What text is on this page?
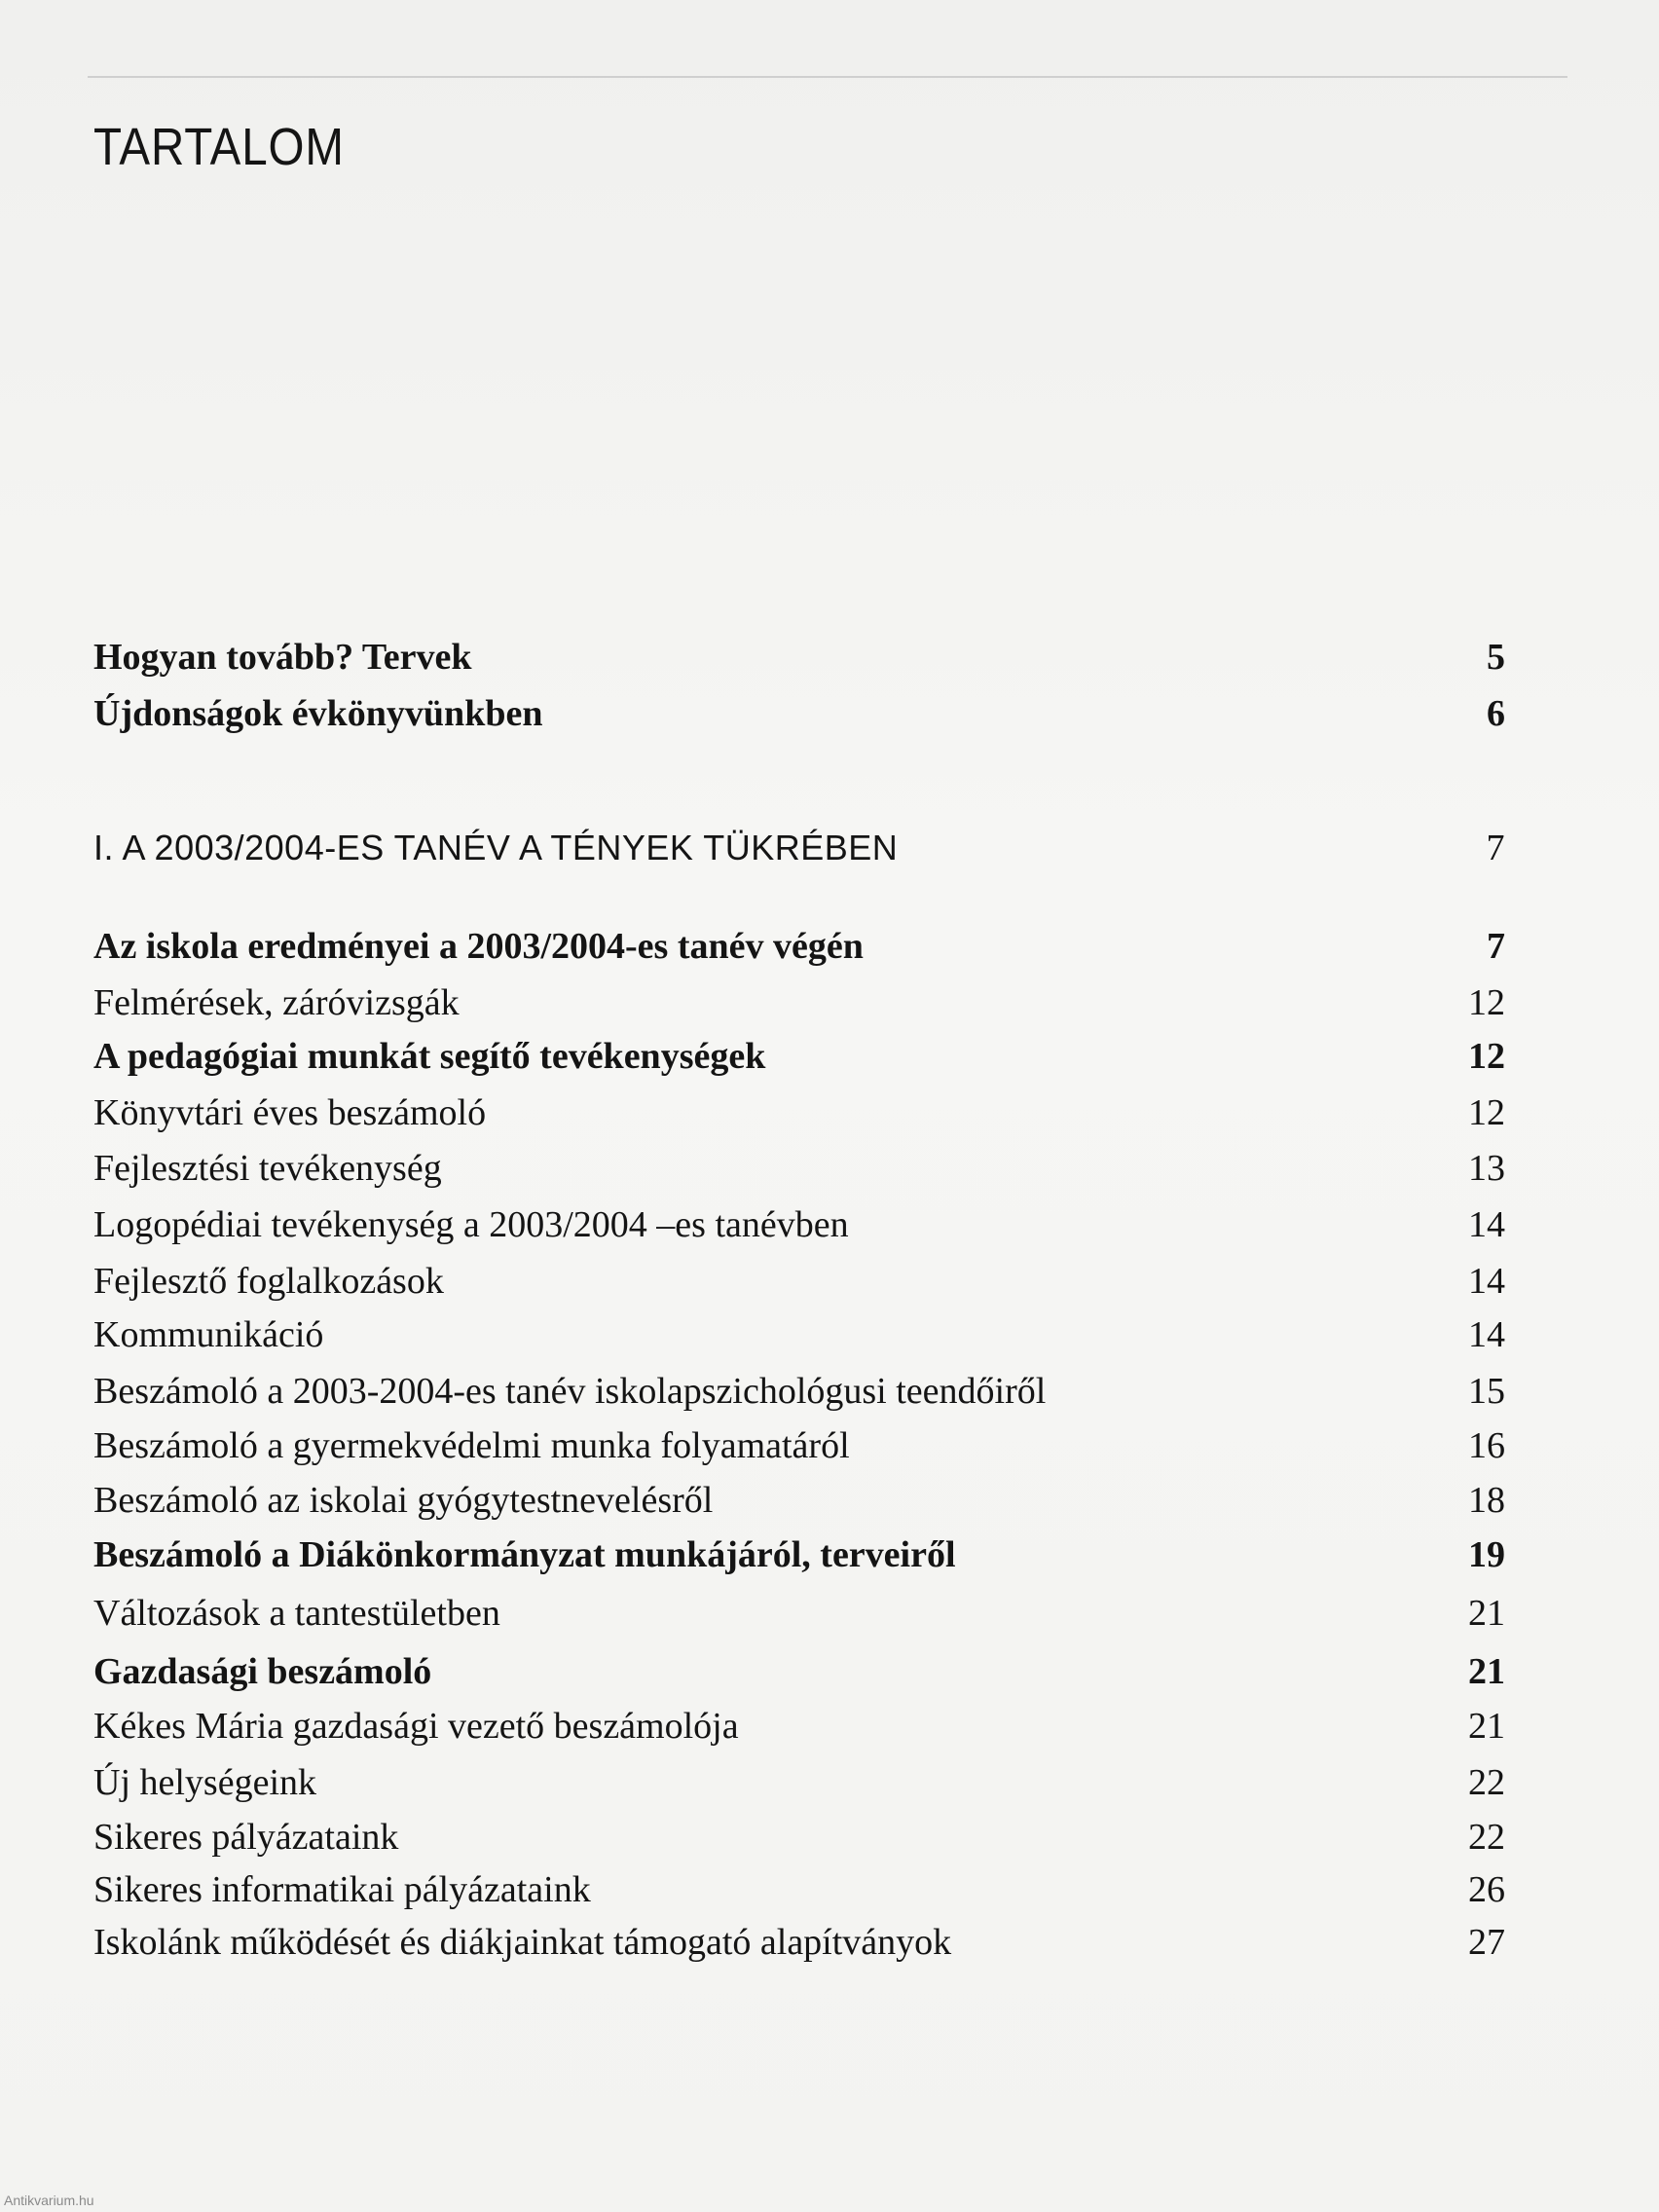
TARTALOM
Hogyan tovább? Tervek	5
Újdonságok évkönyvünkben	6
I. A 2003/2004-ES TANÉV A TÉNYEK TÜKRÉBEN	7
Az iskola eredményei a 2003/2004-es tanév végén	7
Felmérések, záróvizsgák	12
A pedagógiai munkát segítő tevékenységek	12
Könyvtári éves beszámoló	12
Fejlesztési tevékenység	13
Logopédiai tevékenység a 2003/2004 –es tanévben	14
Fejlesztő foglalkozások	14
Kommunikáció	14
Beszámoló a 2003-2004-es tanév iskolapszichológusi teendőiről	15
Beszámoló a gyermekvédelmi munka folyamatáról	16
Beszámoló az iskolai gyógytestnevelésről	18
Beszámoló a Diákönkormányzat munkájáról, terveiről	19
Változások a tantestületben	21
Gazdasági beszámoló	21
Kékes Mária gazdasági vezető beszámolója	21
Új helységeink	22
Sikeres pályázataink	22
Sikeres informatikai pályázataink	26
Iskolánk működését és diákjainkat támogató alapítványok	27
Antikvarium.hu
